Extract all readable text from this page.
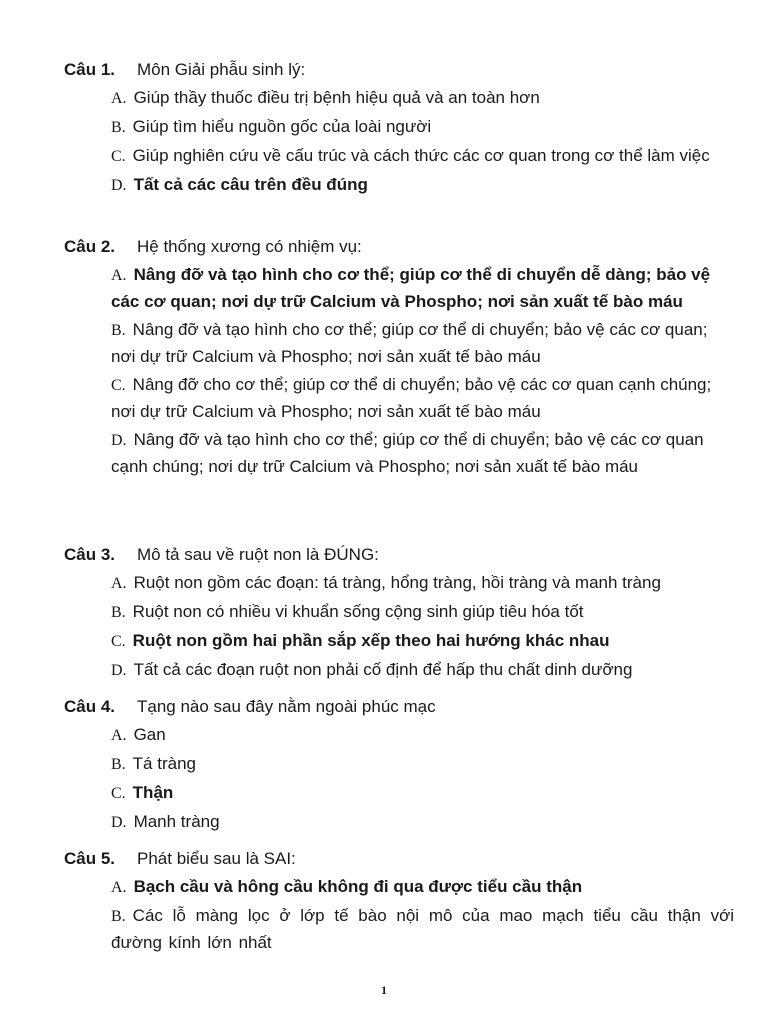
Câu 1.	Môn Giải phẫu sinh lý:
A. Giúp thầy thuốc điều trị bệnh hiệu quả và an toàn hơn
B. Giúp tìm hiểu nguồn gốc của loài người
C. Giúp nghiên cứu về cấu trúc và cách thức các cơ quan trong cơ thể làm việc
D. Tất cả các câu trên đều đúng
Câu 2.	Hệ thống xương có nhiệm vụ:
A. Nâng đỡ và tạo hình cho cơ thể; giúp cơ thể di chuyển dễ dàng; bảo vệ các cơ quan; nơi dự trữ Calcium và Phospho; nơi sản xuất tế bào máu
B. Nâng đỡ và tạo hình cho cơ thể; giúp cơ thể di chuyển; bảo vệ các cơ quan; nơi dự trữ Calcium và Phospho; nơi sản xuất tế bào máu
C. Nâng đỡ cho cơ thể; giúp cơ thể di chuyển; bảo vệ các cơ quan cạnh chúng; nơi dự trữ Calcium và Phospho; nơi sản xuất tế bào máu
D. Nâng đỡ và tạo hình cho cơ thể; giúp cơ thể di chuyển; bảo vệ các cơ quan cạnh chúng; nơi dự trữ Calcium và Phospho; nơi sản xuất tế bào máu
Câu 3.	Mô tả sau về ruột non là ĐÚNG:
A. Ruột non gồm các đoạn: tá tràng, hổng tràng, hồi tràng và manh tràng
B. Ruột non có nhiều vi khuẩn sống cộng sinh giúp tiêu hóa tốt
C. Ruột non gồm hai phần sắp xếp theo hai hướng khác nhau
D. Tất cả các đoạn ruột non phải cố định để hấp thu chất dinh dưỡng
Câu 4.	Tạng nào sau đây nằm ngoài phúc mạc
A. Gan
B. Tá tràng
C. Thận
D. Manh tràng
Câu 5.	Phát biểu sau là SAI:
A. Bạch cầu và hông cầu không đi qua được tiểu cầu thận
B. Các lỗ màng lọc ở lớp tế bào nội mô của mao mạch tiểu cầu thận với đường kính lớn nhất
1
